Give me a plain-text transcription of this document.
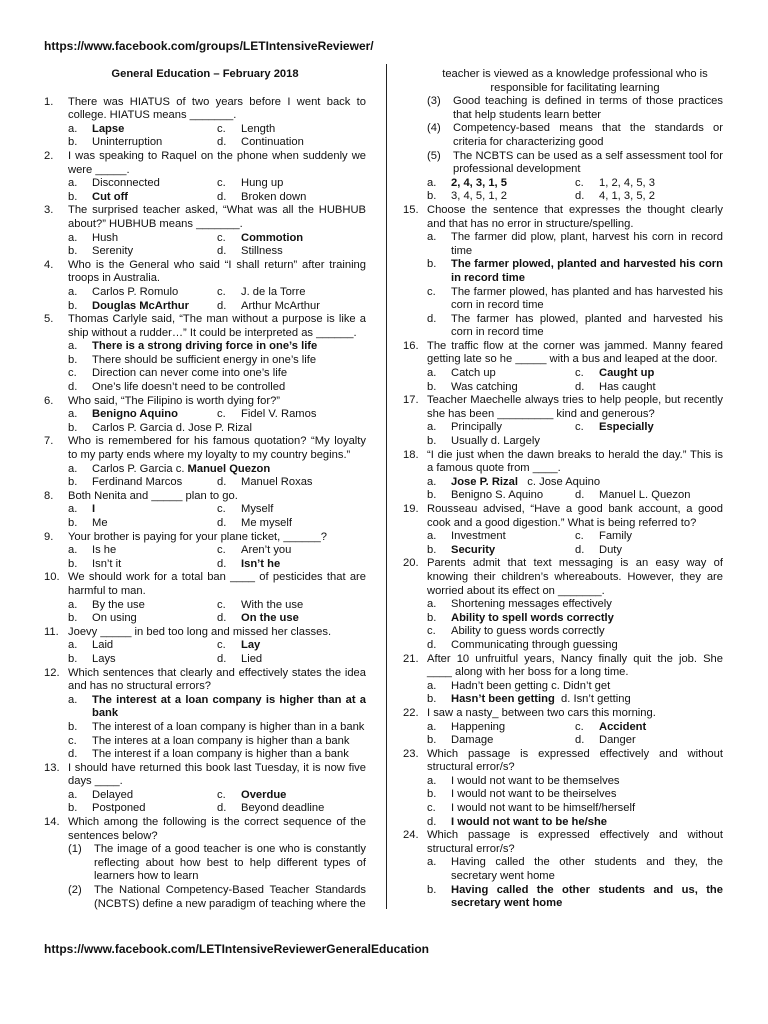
https://www.facebook.com/groups/LETIntensiveReviewer/
General Education – February 2018
1.	There was HIATUS of two years before I went back to college. HIATUS means _______.
a.	Lapse	c.	Length
b.	Uninterruption	d.	Continuation
2.	I was speaking to Raquel on the phone when suddenly we were _____.
a.	Disconnected	c.	Hung up
b.	Cut off	d.	Broken down
3.	The surprised teacher asked, “What was all the HUBHUB about?” HUBHUB means _______.
a.	Hush	c.	Commotion
b.	Serenity	d.	Stillness
4.	Who is the General who said “I shall return” after training troops in Australia.
a.	Carlos P. Romulo	c.	J. de la Torre
b.	Douglas McArthur	d.	Arthur McArthur
5.	Thomas Carlyle said, “The man without a purpose is like a ship without a rudder…” It could be interpreted as ______.
a.	There is a strong driving force in one’s life
b.	There should be sufficient energy in one’s life
c.	Direction can never come into one’s life
d.	One’s life doesn’t need to be controlled
6.	Who said, “The Filipino is worth dying for?”
a.	Benigno Aquino	c.	Fidel V. Ramos
b.	Carlos P. Garcia d. Jose P. Rizal
7.	Who is remembered for his famous quotation? “My loyalty to my party ends where my loyalty to my country begins.”
a.	Carlos P. Garcia c. Manuel Quezon
b.	Ferdinand Marcos	d.	Manuel Roxas
8.	Both Nenita and _____ plan to go.
a.	I	c.	Myself
b.	Me	d.	Me myself
9.	Your brother is paying for your plane ticket, ______?
a.	Is he	c.	Aren’t you
b.	Isn’t it	d.	Isn’t he
10. We should work for a total ban ____ of pesticides that are harmful to man.
a.	By the use	c.	With the use
b.	On using	d.	On the use
11. Joevy _____ in bed too long and missed her classes.
a.	Laid	c.	Lay
b.	Lays	d.	Lied
12. Which sentences that clearly and effectively states the idea and has no structural errors?
a.	The interest at a loan company is higher than at a bank
b.	The interest of a loan company is higher than in a bank
c.	The interes at a loan company is higher than a bank
d.	The interest if a loan company is higher than a bank
13. I should have returned this book last Tuesday, it is now five days ____.
a.	Delayed	c.	Overdue
b.	Postponed	d.	Beyond deadline
14. Which among the following is the correct sequence of the sentences below?
(1)	The image of a good teacher is one who is constantly reflecting about how best to help different types of learners how to learn
(2)	The National Competency-Based Teacher Standards (NCBTS) define a new paradigm of teaching where the
teacher is viewed as a knowledge professional who is responsible for facilitating learning
(3)	Good teaching is defined in terms of those practices that help students learn better
(4)	Competency-based means that the standards or criteria for characterizing good
(5)	The NCBTS can be used as a self assessment tool for professional development
a.	2, 4, 3, 1, 5	c.	1, 2, 4, 5, 3
b.	3, 4, 5, 1, 2	d.	4, 1, 3, 5, 2
15. Choose the sentence that expresses the thought clearly and that has no error in structure/spelling.
a.	The farmer did plow, plant, harvest his corn in record time
b.	The farmer plowed, planted and harvested his corn in record time
c.	The farmer plowed, has planted and has harvested his corn in record time
d.	The farmer has plowed, planted and harvested his corn in record time
16. The traffic flow at the corner was jammed. Manny feared getting late so he _____ with a bus and leaped at the door.
a.	Catch up	c.	Caught up
b.	Was catching	d.	Has caught
17. Teacher Maechelle always tries to help people, but recently she has been _________ kind and generous?
a.	Principally	c.	Especially
b.	Usually d. Largely
18. “I die just when the dawn breaks to herald the day.” This is a famous quote from ____.
a.	Jose P. Rizal   c. Jose Aquino
b.	Benigno S. Aquino	d.	Manuel L. Quezon
19. Rousseau advised, “Have a good bank account, a good cook and a good digestion.” What is being referred to?
a.	Investment	c.	Family
b.	Security	d.	Duty
20. Parents admit that text messaging is an easy way of knowing their children’s whereabouts. However, they are worried about its effect on _______.
a.	Shortening messages effectively
b.	Ability to spell words correctly
c.	Ability to guess words correctly
d.	Communicating through guessing
21. After 10 unfruitful years, Nancy finally quit the job. She ____ along with her boss for a long time.
a.	Hadn’t been getting c. Didn’t get
b.	Hasn’t been getting  d. Isn’t getting
22. I saw a nasty_ between two cars this morning.
a.	Happening	c.	Accident
b.	Damage	d.	Danger
23. Which passage is expressed effectively and without structural error/s?
a.	I would not want to be themselves
b.	I would not want to be theirselves
c.	I would not want to be himself/herself
d.	I would not want to be he/she
24. Which passage is expressed effectively and without structural error/s?
a.	Having called the other students and they, the secretary went home
b.	Having called the other students and us, the secretary went home
https://www.facebook.com/LETIntensiveReviewerGeneralEducation
